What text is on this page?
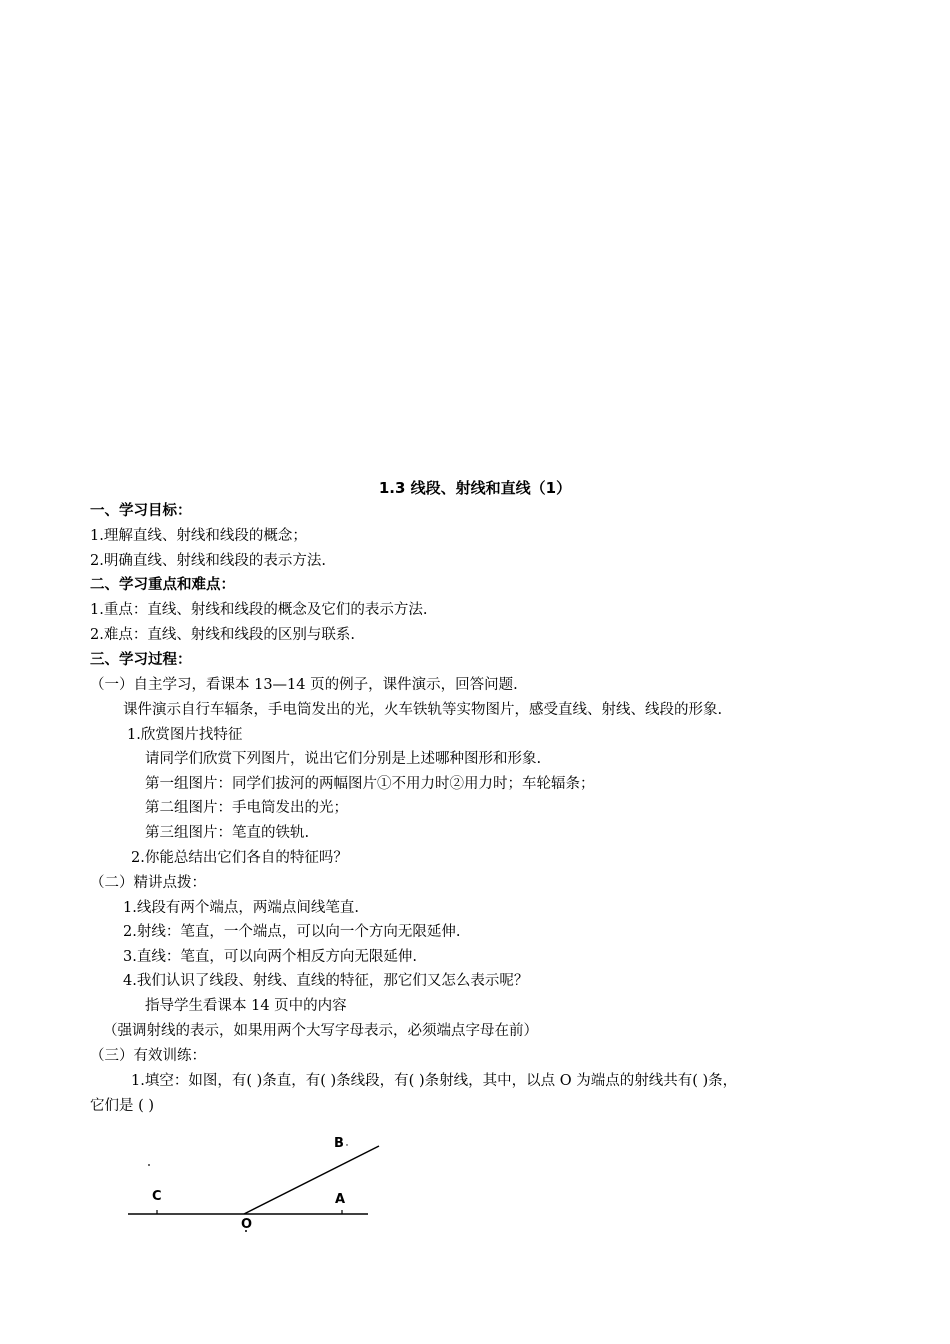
1.3 线段、射线和直线（1）
一、学习目标：
1.理解直线、射线和线段的概念；
2.明确直线、射线和线段的表示方法.
二、学习重点和难点：
1.重点：直线、射线和线段的概念及它们的表示方法.
2.难点：直线、射线和线段的区别与联系.
三、学习过程：
（一）自主学习，看课本 13—14 页的例子，课件演示，回答问题.
课件演示自行车辐条，手电筒发出的光，火车铁轨等实物图片，感受直线、射线、线段的形象.
1.欣赏图片找特征
请同学们欣赏下列图片，说出它们分别是上述哪种图形和形象.
第一组图片：同学们拔河的两幅图片①不用力时②用力时；车轮辐条；
第二组图片：手电筒发出的光；
第三组图片：笔直的铁轨.
2.你能总结出它们各自的特征吗？
（二）精讲点拨：
1.线段有两个端点，两端点间线笔直.
2.射线：笔直，一个端点，可以向一个方向无限延伸.
3.直线：笔直，可以向两个相反方向无限延伸.
4.我们认识了线段、射线、直线的特征，那它们又怎么表示呢？
指导学生看课本 14 页中的内容
（强调射线的表示，如果用两个大写字母表示，必须端点字母在前）
（三）有效训练：
1.填空：如图，有( )条直，有( )条线段，有( )条射线，其中，以点 O 为端点的射线共有( )条，
它们是 ( )
B
C	A
O
